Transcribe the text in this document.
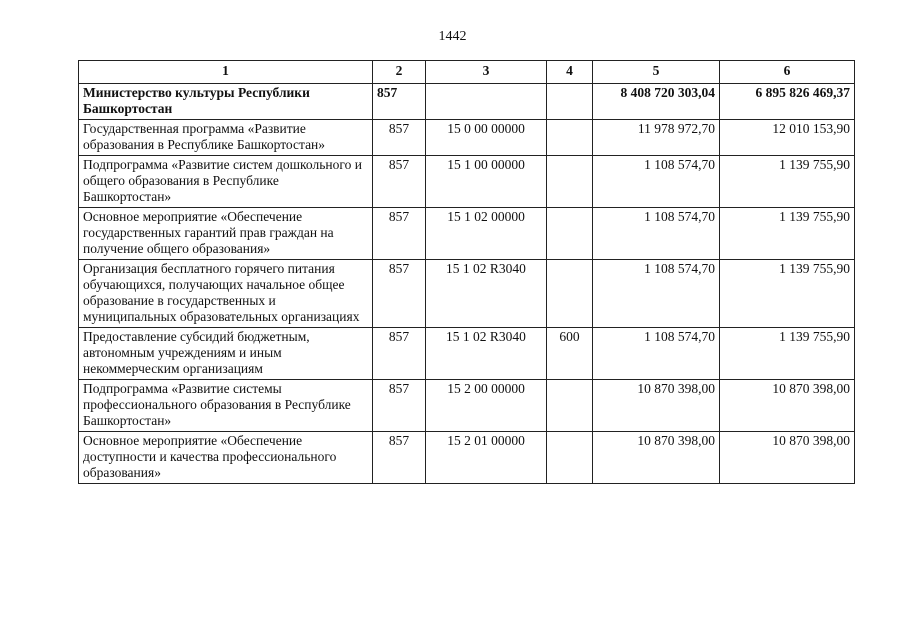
1442
1	2	3	4	5	6
Министерство культуры Республики Башкортостан	857			8 408 720 303,04	6 895 826 469,37
Государственная программа «Развитие образования в Республике Башкортостан»	857	15 0 00 00000		11 978 972,70	12 010 153,90
Подпрограмма «Развитие систем дошкольного и общего образования в Республике Башкортостан»	857	15 1 00 00000		1 108 574,70	1 139 755,90
Основное мероприятие «Обеспечение государственных гарантий прав граждан на получение общего образования»	857	15 1 02 00000		1 108 574,70	1 139 755,90
Организация бесплатного горячего питания обучающихся, получающих начальное общее образование в государственных и муниципальных образовательных организациях	857	15 1 02 R3040		1 108 574,70	1 139 755,90
Предоставление субсидий бюджетным, автономным учреждениям и иным некоммерческим организациям	857	15 1 02 R3040	600	1 108 574,70	1 139 755,90
Подпрограмма «Развитие системы профессионального образования в Республике Башкортостан»	857	15 2 00 00000		10 870 398,00	10 870 398,00
Основное мероприятие «Обеспечение доступности и качества профессионального образования»	857	15 2 01 00000		10 870 398,00	10 870 398,00
